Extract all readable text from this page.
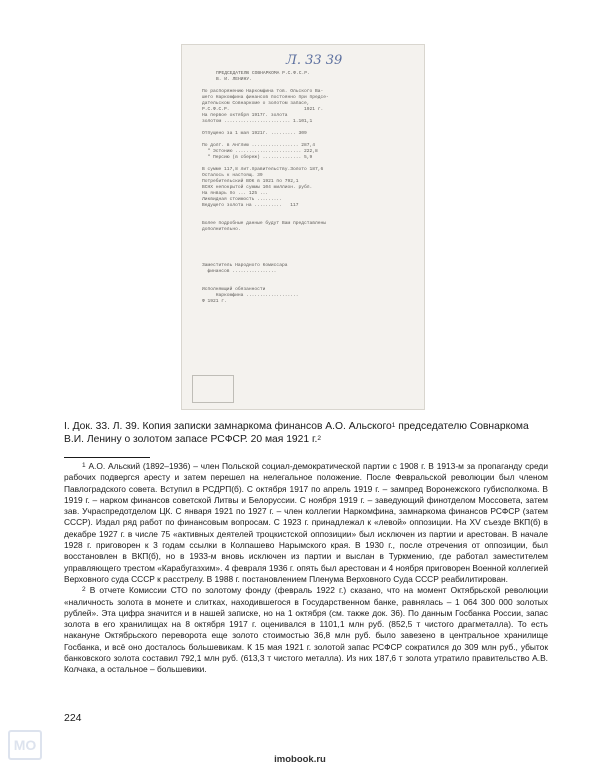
Л. 33 39
ПРЕДСЕДАТЕЛЮ СОВНАРКОМА Р.С.Ф.С.Р.
В. И. ЛЕНИНУ.
По распоряжению Наркомфина тов. Ольского Ва-
шего Наркомфина финансов постоянно при предсе-
дательском Совнаркоме о золотом запасе,
Р.С.Ф.С.Р.                           1921 г.
На первое октября 1917г. золота
золотом ........................ 1.101,1
Отпущено за 1 мая 1921г. ......... 309
По долг. в Англию ................. 287,4
" Эстонию ........................ 222,8
" Персию (в сбереж) .............. 5,9
В сумме 117,8 лит.правительству.Золото 187,6
Осталось к настоящ. 39
Потребительский ВОК в 1921 по 792,1
ВСНХ непокрытой суммы 104 миллион. рубл.
На январь по ... 125 ...
Ликвидная стоимость .........
Ведущего золота на ..........   117
Более подробные данные будут Вам представлены
дополнительно.
Заместитель Народного Комиссара
финансов ................
Исполняющий обязанности
Наркомфина ...................
Ф 1921 г.
I. Док. 33. Л. 39. Копия записки замнаркома финансов А.О. Альского$^1$ председателю Совнаркома В.И. Ленину о золотом запасе РСФСР. 20 мая 1921 г.$^2$

$^1$ А.О. Альский (1892–1936) – член Польской социал-демократической партии с 1908 г. В 1913-м за пропаганду среди рабочих подвергся аресту и затем перешел на нелегальное положение. После Февральской революции был членом Павлоградского совета. Вступил в РСДРП(б). С октября 1917 по апрель 1919 г. – зампред Воронежского губисполкома. В 1919 г. – нарком финансов советской Литвы и Белоруссии. С ноября 1919 г. – заведующий финотделом Моссовета, затем зав. Учраспредотделом ЦК. С января 1921 по 1927 г. – член коллегии Наркомфина, замнаркома финансов РСФСР (затем СССР). Издал ряд работ по финансовым вопросам. С 1923 г. принадлежал к «левой» оппозиции. На XV съезде ВКП(б) в декабре 1927 г. в числе 75 «активных деятелей троцкистской оппозиции» был исключен из партии и арестован. В начале 1928 г. приговорен к 3 годам ссылки в Колпашево Нарымского края. В 1930 г., после отречения от оппозиции, был восстановлен в ВКП(б), но в 1933-м вновь исключен из партии и выслан в Туркмению, где работал заместителем управляющего трестом «Карабугазхим». 4 февраля 1936 г. опять был арестован и 4 ноября приговорен Военной коллегией Верховного суда СССР к расстрелу. В 1988 г. постановлением Пленума Верховного Суда СССР реабилитирован.

$^2$ В отчете Комиссии СТО по золотому фонду (февраль 1922 г.) сказано, что на момент Октябрьской революции «наличность золота в монете и слитках, находившегося в Государственном банке, равнялась – 1 064 300 000 золотых рублей». Эта цифра значится и в нашей записке, но на 1 октября (см. также док. 36). По данным Госбанка России, запас золота в его хранилищах на 8 октября 1917 г. оценивался в 1101,1 млн руб. (852,5 т чистого драгметалла). То есть накануне Октябрьского переворота еще золото стоимостью 36,8 млн руб. было завезено в центральное хранилище Госбанка, и всё оно досталось большевикам. К 15 мая 1921 г. золотой запас РСФСР сократился до 309 млн руб., убыток банковского золота составил 792,1 млн руб. (613,3 т чистого металла). Из них 187,6 т золота утратило правительство А.В. Колчака, а остальное – большевики.

224
MO
imobook.ru
